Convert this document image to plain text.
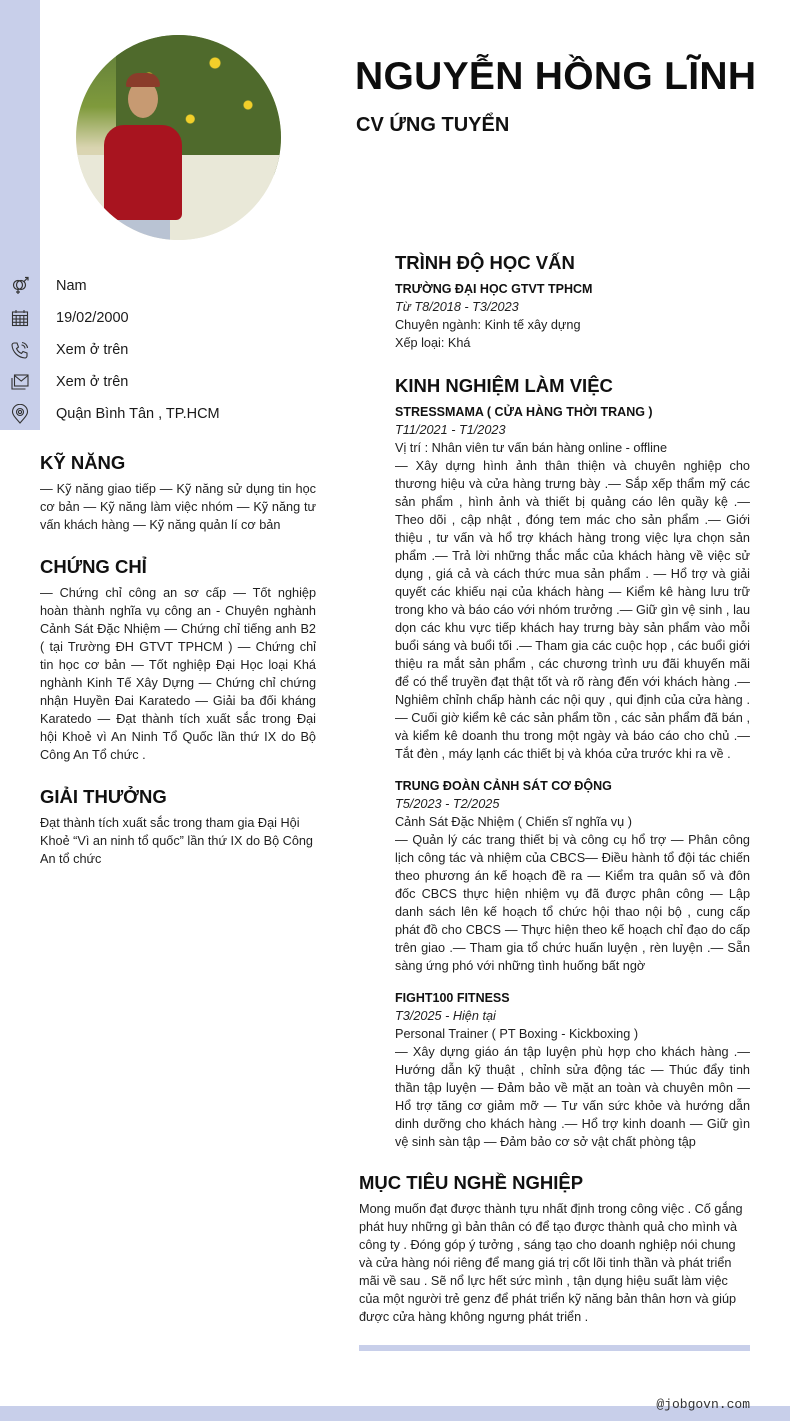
NGUYỄN HỒNG LĨNH
CV ỨNG TUYỂN
Nam
19/02/2000
Xem ở trên
Xem ở trên
Quận Bình Tân , TP.HCM
KỸ NĂNG
— Kỹ năng giao tiếp — Kỹ năng sử dụng tin học cơ bản — Kỹ năng làm việc nhóm — Kỹ năng tư vấn khách hàng — Kỹ năng quản lí cơ bản
CHỨNG CHỈ
— Chứng chỉ công an sơ cấp — Tốt nghiệp hoàn thành nghĩa vụ công an - Chuyên nghành Cảnh Sát Đặc Nhiệm — Chứng chỉ tiếng anh B2 ( tại Trường ĐH GTVT TPHCM ) — Chứng chỉ tin học cơ bản — Tốt nghiệp Đại Học loại Khá nghành Kinh Tế Xây Dựng — Chứng chỉ chứng nhận Huyền Đai Karatedo — Giải ba đối kháng Karatedo — Đạt thành tích xuất sắc trong Đại hội Khoẻ vì An Ninh Tổ Quốc lần thứ IX do Bộ Công An Tổ chức .
GIẢI THƯỞNG
Đạt thành tích xuất sắc trong tham gia Đại Hội Khoẻ “Vì an ninh tổ quốc” lần thứ IX do Bộ Công An tổ chức
TRÌNH ĐỘ HỌC VẤN
TRƯỜNG ĐẠI HỌC GTVT TPHCM
Từ T8/2018 - T3/2023
Chuyên ngành: Kinh tế xây dựng
Xếp loại: Khá
KINH NGHIỆM LÀM VIỆC
STRESSMAMA ( CỬA HÀNG THỜI TRANG )
T11/2021 - T1/2023
Vị trí : Nhân viên tư vấn bán hàng online - offline
— Xây dựng hình ảnh thân thiện và chuyên nghiệp cho thương hiệu và cửa hàng trưng bày .— Sắp xếp thẩm mỹ các sản phẩm , hình ảnh và thiết bị quảng cáo lên quầy kệ .— Theo dõi , cập nhật , đóng tem mác cho sản phẩm .— Giới thiệu , tư vấn và hổ trợ khách hàng trong việc lựa chọn sản phẩm .— Trả lời những thắc mắc của khách hàng về việc sử dụng , giá cả và cách thức mua sản phẩm . — Hổ trợ và giải quyết các khiếu nại của khách hàng — Kiểm kê hàng lưu trữ trong kho và báo cáo với nhóm trưởng .— Giữ gìn vệ sinh , lau dọn các khu vực tiếp khách hay trưng bày sản phẩm vào mỗi buổi sáng và buổi tối .— Tham gia các cuộc họp , các buổi giới thiệu ra mắt sản phẩm , các chương trình ưu đãi khuyến mãi để có thể truyền đạt thật tốt và rõ ràng đến với khách hàng .— Nghiêm chỉnh chấp hành các nội quy , qui định của cửa hàng . — Cuối giờ kiểm kê các sản phẩm tồn , các sản phẩm đã bán , và kiểm kê doanh thu trong một ngày và báo cáo cho chủ .— Tắt đèn , máy lạnh các thiết bị và khóa cửa trước khi ra về .
TRUNG ĐOÀN CẢNH SÁT CƠ ĐỘNG
T5/2023 - T2/2025
Cảnh Sát Đặc Nhiệm ( Chiến sĩ nghĩa vụ )
— Quản lý các trang thiết bị và công cụ hổ trợ — Phân công lịch công tác và nhiệm của CBCS— Điều hành tổ đội tác chiến theo phương án kế hoạch đề ra — Kiểm tra quân số và đôn đốc CBCS thực hiện nhiệm vụ đã được phân công — Lập danh sách lên kế hoạch tổ chức hội thao nội bộ , cung cấp phát đồ cho CBCS — Thực hiện theo kế hoạch chỉ đạo do cấp trên giao .— Tham gia tổ chức huấn luyện , rèn luyện .— Sẵn sàng ứng phó với những tình huống bất ngờ
FIGHT100 FITNESS
T3/2025 - Hiện tại
Personal Trainer ( PT Boxing - Kickboxing )
— Xây dựng giáo án tập luyện phù hợp cho khách hàng .— Hướng dẫn kỹ thuật , chỉnh sửa động tác — Thúc đẩy tinh thần tập luyện — Đảm bảo về mặt an toàn và chuyên môn — Hổ trợ tăng cơ giảm mỡ — Tư vấn sức khỏe và hướng dẫn dinh dưỡng cho khách hàng .— Hổ trợ kinh doanh — Giữ gìn vệ sinh sàn tập — Đảm bảo cơ sở vật chất phòng tập
MỤC TIÊU NGHỀ NGHIỆP
Mong muốn đạt được thành tựu nhất định trong công việc . Cố gắng phát huy những gì bản thân có để tạo được thành quả cho mình và công ty . Đóng góp ý tưởng , sáng tạo cho doanh nghiệp nói chung và cửa hàng nói riêng để mang giá trị cốt lõi tinh thần và phát triển mãi về sau . Sẽ nổ lực hết sức mình , tận dụng hiệu suất làm việc của một người trẻ genz để phát triển kỹ năng bản thân hơn và giúp được cửa hàng không ngưng phát triển .
@jobgovn.com
